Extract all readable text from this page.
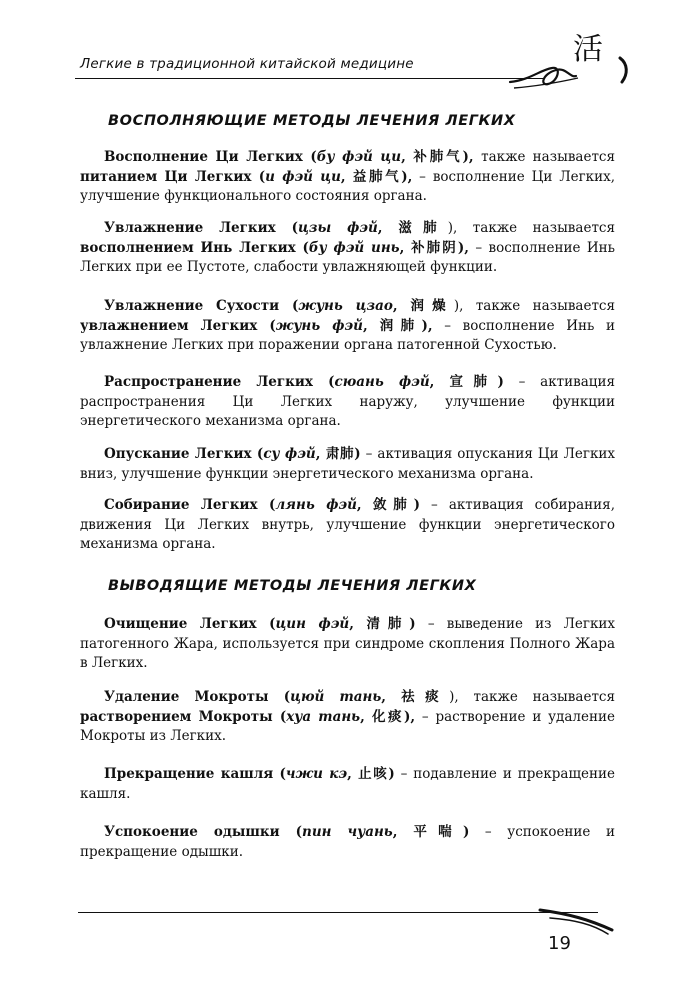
Легкие в традиционной китайской медицине	活
ВОСПОЛНЯЮЩИЕ МЕТОДЫ ЛЕЧЕНИЯ ЛЕГКИХ

Восполнение Ци Легких (бу фэй ци, 补肺气), также называется питанием Ци Легких (и фэй ци, 益肺气), – восполнение Ци Легких, улучшение функционального состояния органа.

Увлажнение Легких (цзы фэй, 滋肺), также называется восполнением Инь Легких (бу фэй инь, 补肺阴), – восполнение Инь Легких при ее Пустоте, слабости увлажняющей функции.

Увлажнение Сухости (жунь цзао, 润燥), также называется увлажнением Легких (жунь фэй, 润肺), – восполнение Инь и увлажнение Легких при поражении органа патогенной Сухостью.

Распространение Легких (сюань фэй, 宣肺) – активация распространения Ци Легких наружу, улучшение функции энергетического механизма органа.

Опускание Легких (су фэй, 肃肺) – активация опускания Ци Легких вниз, улучшение функции энергетического механизма органа.

Собирание Легких (лянь фэй, 敛肺) – активация собирания, движения Ци Легких внутрь, улучшение функции энергетического механизма органа.

ВЫВОДЯЩИЕ МЕТОДЫ ЛЕЧЕНИЯ ЛЕГКИХ

Очищение Легких (цин фэй, 清肺) – выведение из Легких патогенного Жара, используется при синдроме скопления Полного Жара в Легких.

Удаление Мокроты (цюй тань, 祛痰), также называется растворением Мокроты (хуа тань, 化痰), – растворение и удаление Мокроты из Легких.

Прекращение кашля (чжи кэ, 止咳) – подавление и прекращение кашля.

Успокоение одышки (пин чуань, 平喘) – успокоение и прекращение одышки.

19
